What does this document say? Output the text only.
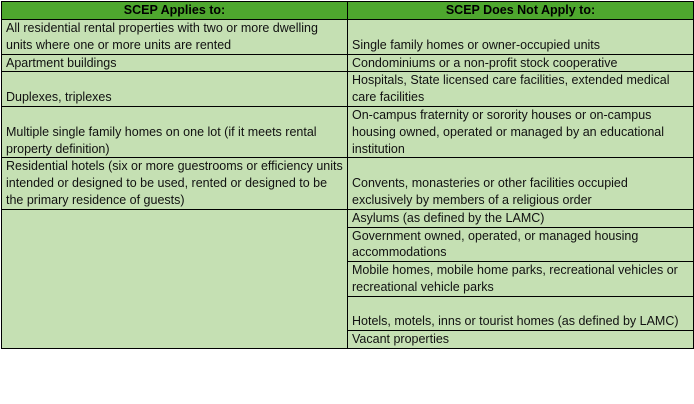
SCEP Applies to:	SCEP Does Not Apply to:
All residential rental properties with two or more dwelling units where one or more units are rented	Single family homes or owner-occupied units
Apartment buildings	Condominiums or a non-profit stock cooperative
Duplexes, triplexes	Hospitals, State licensed care facilities, extended medical care facilities
Multiple single family homes on one lot (if it meets rental property definition)	On-campus fraternity or sorority houses or on-campus housing owned, operated or managed by an educational institution
Residential hotels (six or more guestrooms or efficiency units intended or designed to be used, rented or designed to be the primary residence of guests)	Convents, monasteries or other facilities occupied exclusively by members of a religious order
	Asylums (as defined by the LAMC)
	Government owned, operated, or managed housing accommodations
	Mobile homes, mobile home parks, recreational vehicles or recreational vehicle parks
	Hotels, motels, inns or tourist homes (as defined by LAMC)
	Vacant properties
